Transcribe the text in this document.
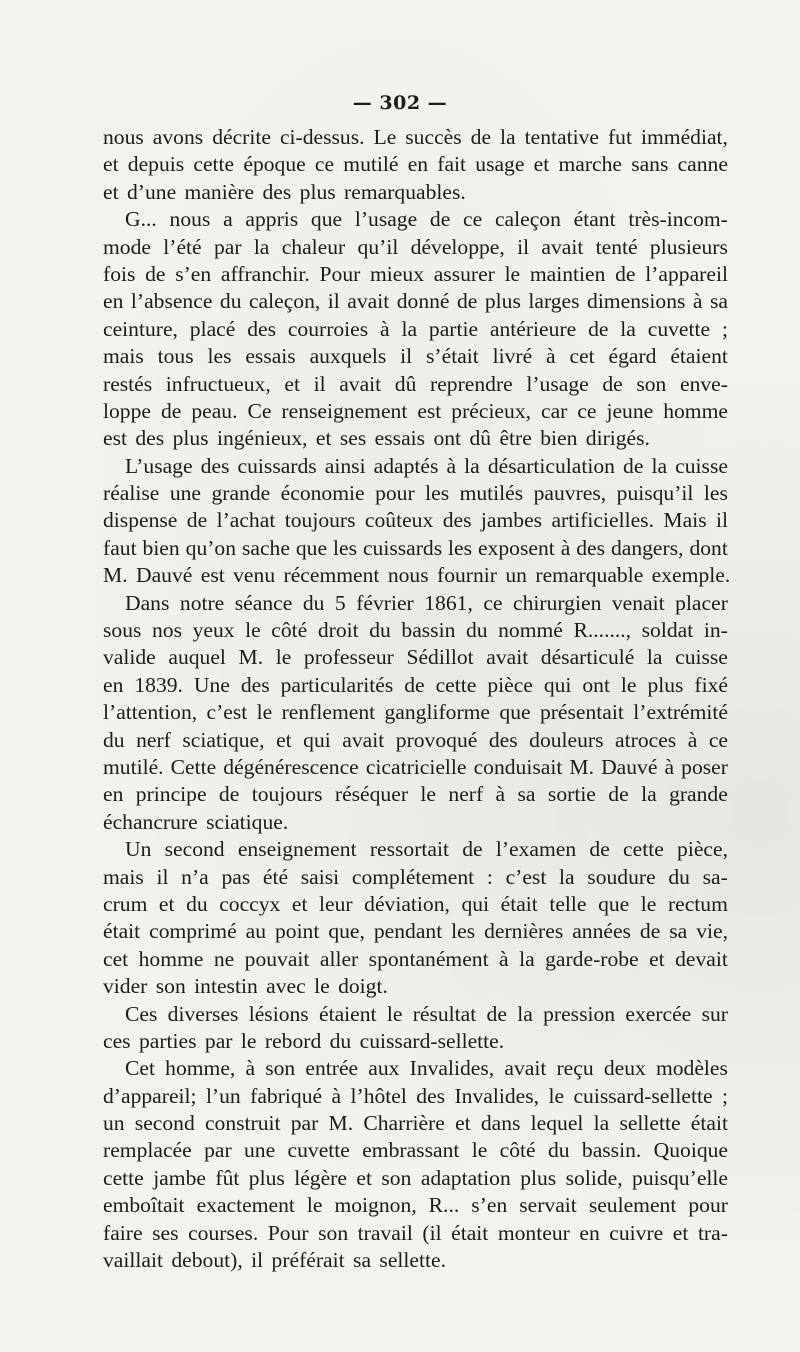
— 302 —
nous avons décrite ci-dessus. Le succès de la tentative fut immédiat,
et depuis cette époque ce mutilé en fait usage et marche sans canne
et d’une manière des plus remarquables.
G... nous a appris que l’usage de ce caleçon étant très-incom-
mode l’été par la chaleur qu’il développe, il avait tenté plusieurs
fois de s’en affranchir. Pour mieux assurer le maintien de l’appareil
en l’absence du caleçon, il avait donné de plus larges dimensions à sa
ceinture, placé des courroies à la partie antérieure de la cuvette ;
mais tous les essais auxquels il s’était livré à cet égard étaient
restés infructueux, et il avait dû reprendre l’usage de son enve-
loppe de peau. Ce renseignement est précieux, car ce jeune homme
est des plus ingénieux, et ses essais ont dû être bien dirigés.
L’usage des cuissards ainsi adaptés à la désarticulation de la cuisse
réalise une grande économie pour les mutilés pauvres, puisqu’il les
dispense de l’achat toujours coûteux des jambes artificielles. Mais il
faut bien qu’on sache que les cuissards les exposent à des dangers, dont
M. Dauvé est venu récemment nous fournir un remarquable exemple.
Dans notre séance du 5 février 1861, ce chirurgien venait placer
sous nos yeux le côté droit du bassin du nommé R......., soldat in-
valide auquel M. le professeur Sédillot avait désarticulé la cuisse
en 1839. Une des particularités de cette pièce qui ont le plus fixé
l’attention, c’est le renflement gangliforme que présentait l’extrémité
du nerf sciatique, et qui avait provoqué des douleurs atroces à ce
mutilé. Cette dégénérescence cicatricielle conduisait M. Dauvé à poser
en principe de toujours réséquer le nerf à sa sortie de la grande
échancrure sciatique.
Un second enseignement ressortait de l’examen de cette pièce,
mais il n’a pas été saisi complétement : c’est la soudure du sa-
crum et du coccyx et leur déviation, qui était telle que le rectum
était comprimé au point que, pendant les dernières années de sa vie,
cet homme ne pouvait aller spontanément à la garde-robe et devait
vider son intestin avec le doigt.
Ces diverses lésions étaient le résultat de la pression exercée sur
ces parties par le rebord du cuissard-sellette.
Cet homme, à son entrée aux Invalides, avait reçu deux modèles
d’appareil; l’un fabriqué à l’hôtel des Invalides, le cuissard-sellette ;
un second construit par M. Charrière et dans lequel la sellette était
remplacée par une cuvette embrassant le côté du bassin. Quoique
cette jambe fût plus légère et son adaptation plus solide, puisqu’elle
emboîtait exactement le moignon, R... s’en servait seulement pour
faire ses courses. Pour son travail (il était monteur en cuivre et tra-
vaillait debout), il préférait sa sellette.
